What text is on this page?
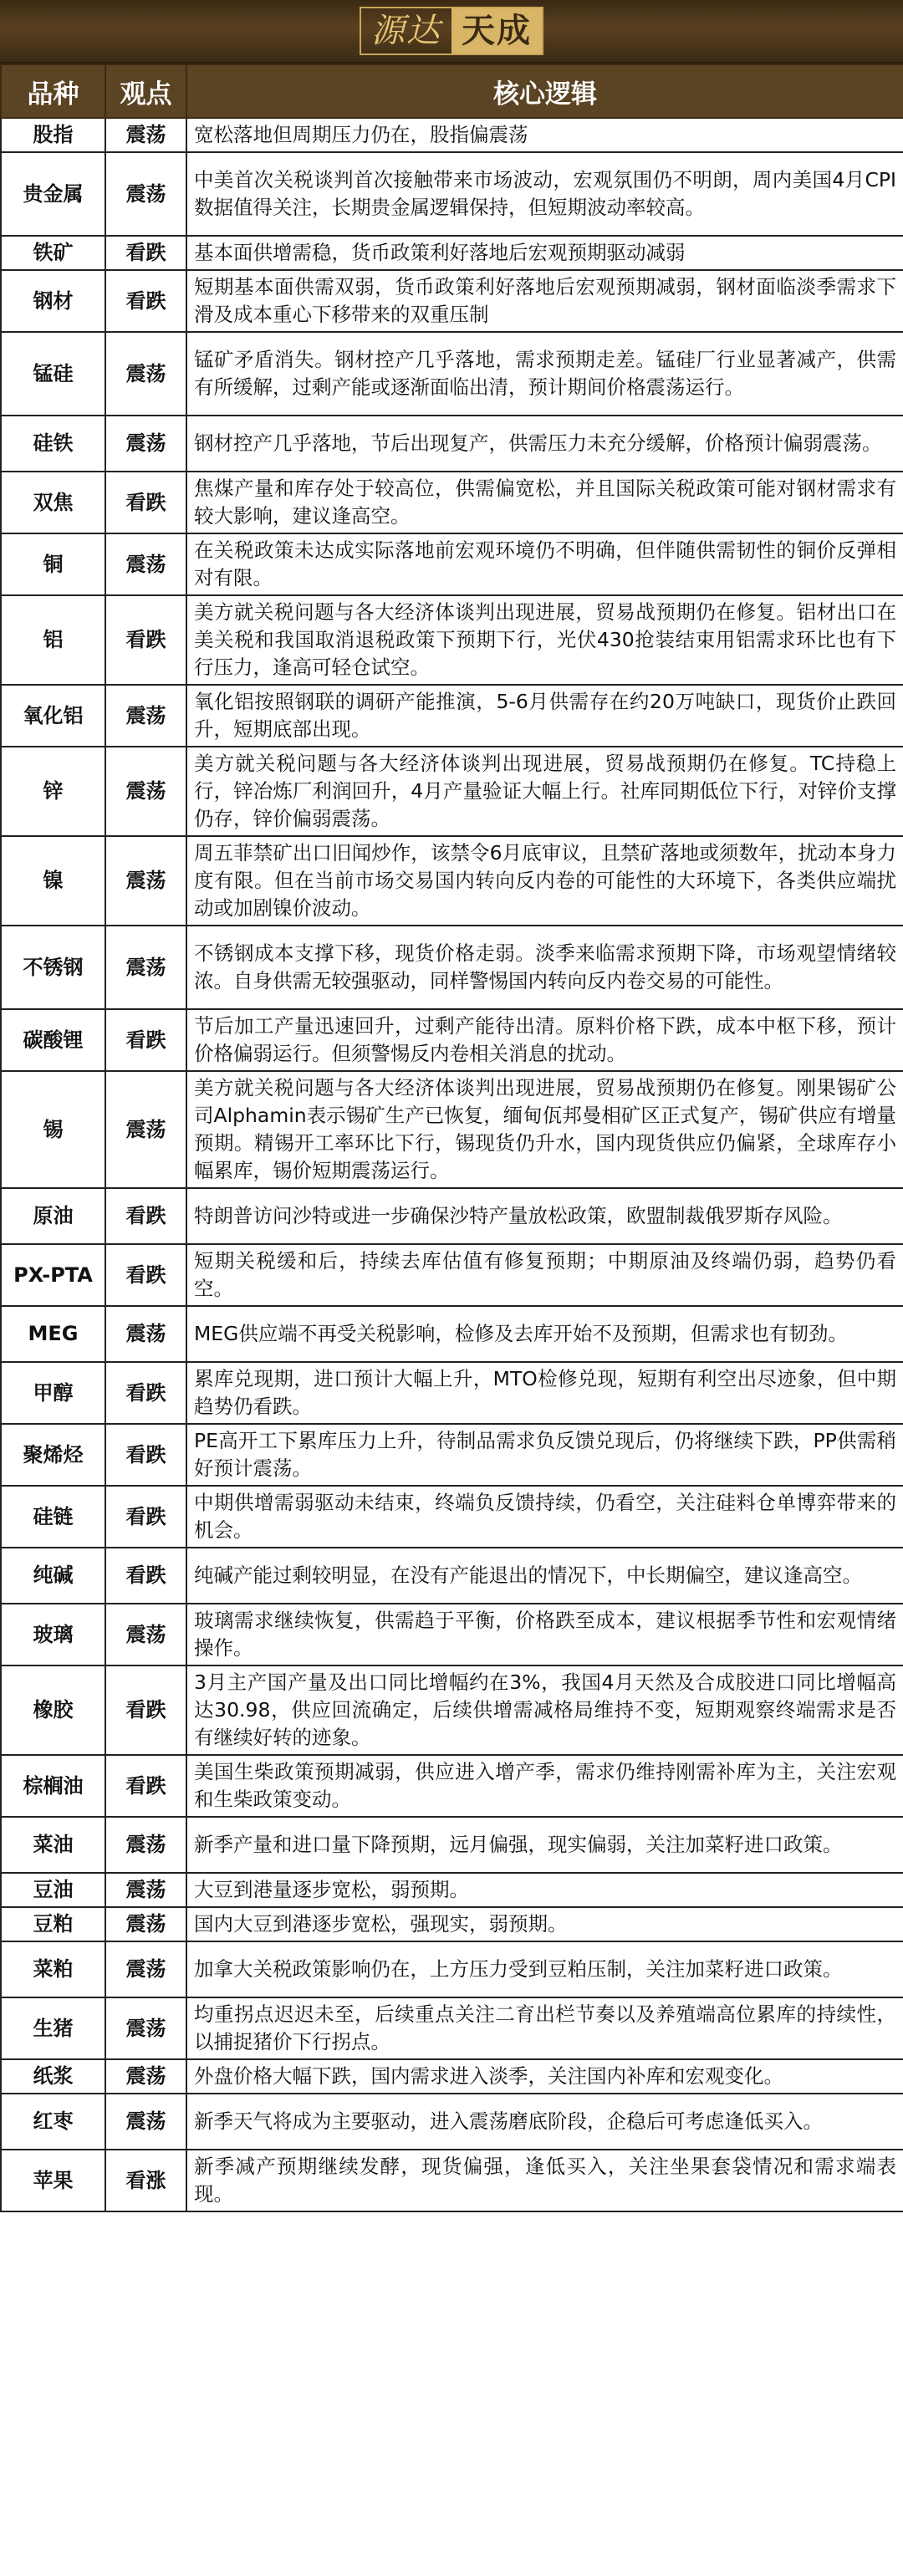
源达 天成
品种	观点	核心逻辑
股指	震荡	宽松落地但周期压力仍在，股指偏震荡
贵金属	震荡	中美首次关税谈判首次接触带来市场波动，宏观氛围仍不明朗，周内美国4月CPI数据值得关注，长期贵金属逻辑保持，但短期波动率较高。
铁矿	看跌	基本面供增需稳，货币政策利好落地后宏观预期驱动减弱
钢材	看跌	短期基本面供需双弱，货币政策利好落地后宏观预期减弱，钢材面临淡季需求下滑及成本重心下移带来的双重压制
锰硅	震荡	锰矿矛盾消失。钢材控产几乎落地，需求预期走差。锰硅厂行业显著减产，供需有所缓解，过剩产能或逐渐面临出清，预计期间价格震荡运行。
硅铁	震荡	钢材控产几乎落地，节后出现复产，供需压力未充分缓解，价格预计偏弱震荡。
双焦	看跌	焦煤产量和库存处于较高位，供需偏宽松，并且国际关税政策可能对钢材需求有较大影响，建议逢高空。
铜	震荡	在关税政策未达成实际落地前宏观环境仍不明确，但伴随供需韧性的铜价反弹相对有限。
铝	看跌	美方就关税问题与各大经济体谈判出现进展，贸易战预期仍在修复。铝材出口在美关税和我国取消退税政策下预期下行，光伏430抢装结束用铝需求环比也有下行压力，逢高可轻仓试空。
氧化铝	震荡	氧化铝按照钢联的调研产能推演，5-6月供需存在约20万吨缺口，现货价止跌回升，短期底部出现。
锌	震荡	美方就关税问题与各大经济体谈判出现进展，贸易战预期仍在修复。TC持稳上行，锌冶炼厂利润回升，4月产量验证大幅上行。社库同期低位下行，对锌价支撑仍存，锌价偏弱震荡。
镍	震荡	周五菲禁矿出口旧闻炒作，该禁令6月底审议，且禁矿落地或须数年，扰动本身力度有限。但在当前市场交易国内转向反内卷的可能性的大环境下，各类供应端扰动或加剧镍价波动。
不锈钢	震荡	不锈钢成本支撑下移，现货价格走弱。淡季来临需求预期下降，市场观望情绪较浓。自身供需无较强驱动，同样警惕国内转向反内卷交易的可能性。
碳酸锂	看跌	节后加工产量迅速回升，过剩产能待出清。原料价格下跌，成本中枢下移，预计价格偏弱运行。但须警惕反内卷相关消息的扰动。
锡	震荡	美方就关税问题与各大经济体谈判出现进展，贸易战预期仍在修复。刚果锡矿公司Alphamin表示锡矿生产已恢复，缅甸佤邦曼相矿区正式复产，锡矿供应有增量预期。精锡开工率环比下行，锡现货仍升水，国内现货供应仍偏紧，全球库存小幅累库，锡价短期震荡运行。
原油	看跌	特朗普访问沙特或进一步确保沙特产量放松政策，欧盟制裁俄罗斯存风险。
PX-PTA	看跌	短期关税缓和后，持续去库估值有修复预期；中期原油及终端仍弱，趋势仍看空。
MEG	震荡	MEG供应端不再受关税影响，检修及去库开始不及预期，但需求也有韧劲。
甲醇	看跌	累库兑现期，进口预计大幅上升，MTO检修兑现，短期有利空出尽迹象，但中期趋势仍看跌。
聚烯烃	看跌	PE高开工下累库压力上升，待制品需求负反馈兑现后，仍将继续下跌，PP供需稍好预计震荡。
硅链	看跌	中期供增需弱驱动未结束，终端负反馈持续，仍看空，关注硅料仓单博弈带来的机会。
纯碱	看跌	纯碱产能过剩较明显，在没有产能退出的情况下，中长期偏空，建议逢高空。
玻璃	震荡	玻璃需求继续恢复，供需趋于平衡，价格跌至成本，建议根据季节性和宏观情绪操作。
橡胶	看跌	3月主产国产量及出口同比增幅约在3%，我国4月天然及合成胶进口同比增幅高达30.98，供应回流确定，后续供增需减格局维持不变，短期观察终端需求是否有继续好转的迹象。
棕榈油	看跌	美国生柴政策预期减弱，供应进入增产季，需求仍维持刚需补库为主，关注宏观和生柴政策变动。
菜油	震荡	新季产量和进口量下降预期，远月偏强，现实偏弱，关注加菜籽进口政策。
豆油	震荡	大豆到港量逐步宽松，弱预期。
豆粕	震荡	国内大豆到港逐步宽松，强现实，弱预期。
菜粕	震荡	加拿大关税政策影响仍在，上方压力受到豆粕压制，关注加菜籽进口政策。
生猪	震荡	均重拐点迟迟未至，后续重点关注二育出栏节奏以及养殖端高位累库的持续性，以捕捉猪价下行拐点。
纸浆	震荡	外盘价格大幅下跌，国内需求进入淡季，关注国内补库和宏观变化。
红枣	震荡	新季天气将成为主要驱动，进入震荡磨底阶段，企稳后可考虑逢低买入。
苹果	看涨	新季减产预期继续发酵，现货偏强，逢低买入，关注坐果套袋情况和需求端表现。
